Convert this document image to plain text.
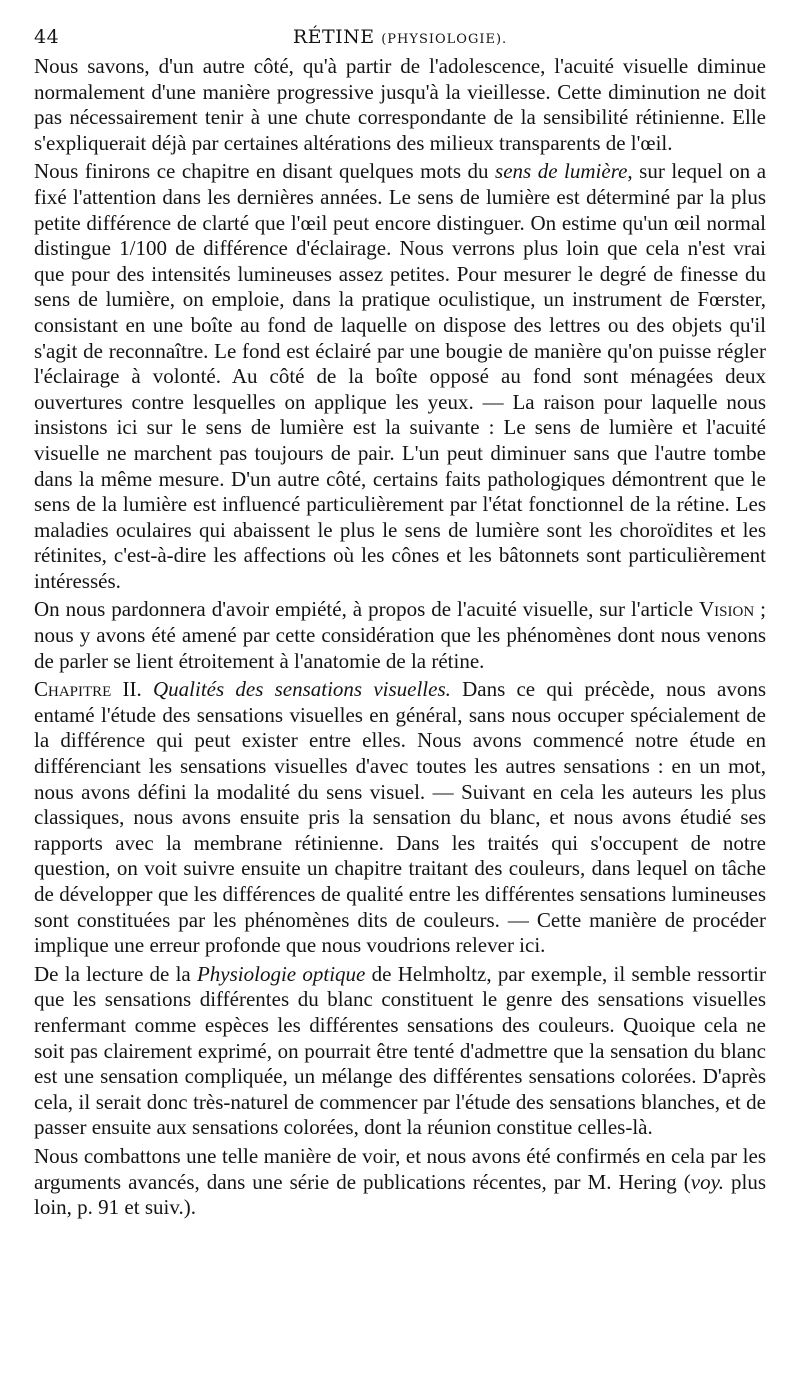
44	RÉTINE (PHYSIOLOGIE).

Nous savons, d'un autre côté, qu'à partir de l'adolescence, l'acuité visuelle diminue normalement d'une manière progressive jusqu'à la vieillesse. Cette diminution ne doit pas nécessairement tenir à une chute correspondante de la sensibilité rétinienne. Elle s'expliquerait déjà par certaines altérations des milieux transparents de l'œil.

Nous finirons ce chapitre en disant quelques mots du sens de lumière, sur lequel on a fixé l'attention dans les dernières années. Le sens de lumière est déterminé par la plus petite différence de clarté que l'œil peut encore distinguer. On estime qu'un œil normal distingue 1/100 de différence d'éclairage. Nous verrons plus loin que cela n'est vrai que pour des intensités lumineuses assez petites. Pour mesurer le degré de finesse du sens de lumière, on emploie, dans la pratique oculistique, un instrument de Fœrster, consistant en une boîte au fond de laquelle on dispose des lettres ou des objets qu'il s'agit de reconnaître. Le fond est éclairé par une bougie de manière qu'on puisse régler l'éclairage à volonté. Au côté de la boîte opposé au fond sont ménagées deux ouvertures contre lesquelles on applique les yeux. — La raison pour laquelle nous insistons ici sur le sens de lumière est la suivante : Le sens de lumière et l'acuité visuelle ne marchent pas toujours de pair. L'un peut diminuer sans que l'autre tombe dans la même mesure. D'un autre côté, certains faits pathologiques démontrent que le sens de la lumière est influencé particulièrement par l'état fonctionnel de la rétine. Les maladies oculaires qui abaissent le plus le sens de lumière sont les choroïdites et les rétinites, c'est-à-dire les affections où les cônes et les bâtonnets sont particulièrement intéressés.

On nous pardonnera d'avoir empiété, à propos de l'acuité visuelle, sur l'article Vision ; nous y avons été amené par cette considération que les phénomènes dont nous venons de parler se lient étroitement à l'anatomie de la rétine.

Chapitre II. Qualités des sensations visuelles. Dans ce qui précède, nous avons entamé l'étude des sensations visuelles en général, sans nous occuper spécialement de la différence qui peut exister entre elles. Nous avons commencé notre étude en différenciant les sensations visuelles d'avec toutes les autres sensations : en un mot, nous avons défini la modalité du sens visuel. — Suivant en cela les auteurs les plus classiques, nous avons ensuite pris la sensation du blanc, et nous avons étudié ses rapports avec la membrane rétinienne. Dans les traités qui s'occupent de notre question, on voit suivre ensuite un chapitre traitant des couleurs, dans lequel on tâche de développer que les différences de qualité entre les différentes sensations lumineuses sont constituées par les phénomènes dits de couleurs. — Cette manière de procéder implique une erreur profonde que nous voudrions relever ici.

De la lecture de la Physiologie optique de Helmholtz, par exemple, il semble ressortir que les sensations différentes du blanc constituent le genre des sensations visuelles renfermant comme espèces les différentes sensations des couleurs. Quoique cela ne soit pas clairement exprimé, on pourrait être tenté d'admettre que la sensation du blanc est une sensation compliquée, un mélange des différentes sensations colorées. D'après cela, il serait donc très-naturel de commencer par l'étude des sensations blanches, et de passer ensuite aux sensations colorées, dont la réunion constitue celles-là.

Nous combattons une telle manière de voir, et nous avons été confirmés en cela par les arguments avancés, dans une série de publications récentes, par M. Hering (voy. plus loin, p. 91 et suiv.).
